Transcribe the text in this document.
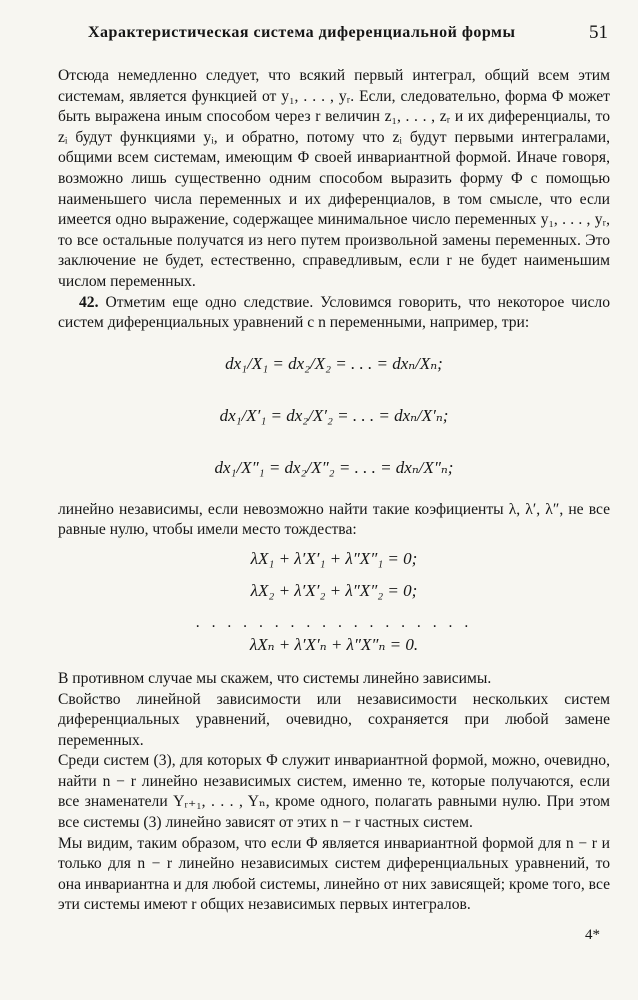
Характеристическая система диференциальной формы	51

Отсюда немедленно следует, что всякий первый интеграл, общий всем этим системам, является функцией от y₁, . . . , yᵣ. Если, следовательно, форма Φ может быть выражена иным способом через r величин z₁, . . . , zᵣ и их диференциалы, то zᵢ будут функциями yᵢ, и обратно, потому что zᵢ будут первыми интегралами, общими всем системам, имеющим Φ своей инвариантной формой. Иначе говоря, возможно лишь существенно одним способом выразить форму Φ с помощью наименьшего числа переменных и их диференциалов, в том смысле, что если имеется одно выражение, содержащее минимальное число переменных y₁, . . . , yᵣ, то все остальные получатся из него путем произвольной замены переменных. Это заключение не будет, естественно, справедливым, если r не будет наименьшим числом переменных.

42. Отметим еще одно следствие. Условимся говорить, что некоторое число систем диференциальных уравнений с n переменными, например, три:

dx₁/X₁ = dx₂/X₂ = . . . = dxₙ/Xₙ;
dx₁/X′₁ = dx₂/X′₂ = . . . = dxₙ/X′ₙ;
dx₁/X″₁ = dx₂/X″₂ = . . . = dxₙ/X″ₙ;

линейно независимы, если невозможно найти такие коэфициенты λ, λ′, λ″, не все равные нулю, чтобы имели место тождества:

λX₁ + λ′X′₁ + λ″X″₁ = 0;
λX₂ + λ′X′₂ + λ″X″₂ = 0;
. . . . . . . . . . . . . . . . . .
λXₙ + λ′X′ₙ + λ″X″ₙ = 0.

В противном случае мы скажем, что системы линейно зависимы.

Свойство линейной зависимости или независимости нескольких систем диференциальных уравнений, очевидно, сохраняется при любой замене переменных.

Среди систем (3), для которых Φ служит инвариантной формой, можно, очевидно, найти n − r линейно независимых систем, именно те, которые получаются, если все знаменатели Yᵣ₊₁, . . . , Yₙ, кроме одного, полагать равными нулю. При этом все системы (3) линейно зависят от этих n − r частных систем.

Мы видим, таким образом, что если Φ является инвариантной формой для n − r и только для n − r линейно независимых систем диференциальных уравнений, то она инвариантна и для любой системы, линейно от них зависящей; кроме того, все эти системы имеют r общих независимых первых интегралов.

4*
